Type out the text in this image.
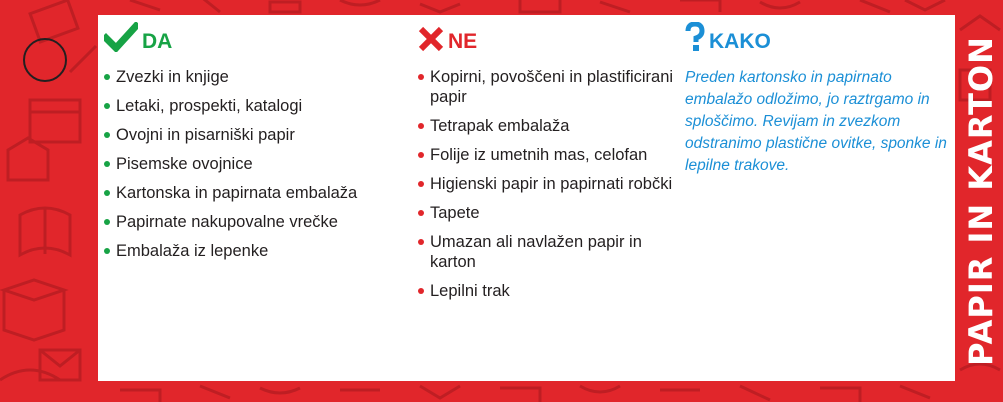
DA
Zvezki in knjige
Letaki, prospekti, katalogi
Ovojni in pisarniški papir
Pisemske ovojnice
Kartonska in papirnata embalaža
Papirnate nakupovalne vrečke
Embalaža iz lepenke
NE
Kopirni, povoščeni in plastificirani papir
Tetrapak embalaža
Folije iz umetnih mas, celofan
Higienski papir in papirnati robčki
Tapete
Umazan ali navlažen papir in karton
Lepilni trak
KAKO
Preden kartonsko in papirnato embalažo odložimo, jo raztrgamo in sploščimo. Revijam in zvezkom odstranimo plastične ovitke, sponke in lepilne trakove.	PAPIR IN KARTON
